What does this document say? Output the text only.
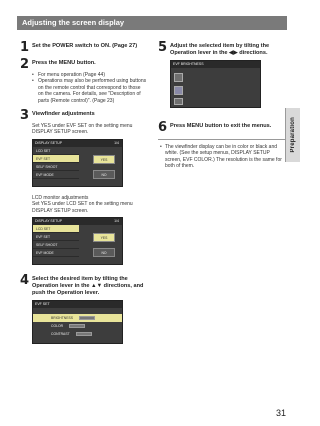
Adjusting the screen display
Preparation
1 Set the POWER switch to ON. (Page 27)
2 Press the MENU button.
• For menu operation (Page 44)
• Operations may also be performed using buttons on the remote control that correspond to those on the camera. For details, see "Description of parts (Remote control)". (Page 23)
3 Viewfinder adjustments
Set YES under EVF SET on the setting menu DISPLAY SETUP screen.
DISPLAY SETUP	1/4
LCD SET
EVF SET
SELF SHOOT
EVF MODE
YES
NO
LCD monitor adjustments
Set YES under LCD SET on the setting menu DISPLAY SETUP screen.
DISPLAY SETUP	1/4
LCD SET
EVF SET
SELF SHOOT
EVF MODE
YES
NO
4 Select the desired item by tilting the Operation lever in the ▲▼ directions, and push the Operation lever.
EVF SET
BRIGHTNESS
COLOR
CONTRAST
5 Adjust the selected item by tilting the Operation lever in the ◀▶ directions.
EVF BRIGHTNESS
6 Press MENU button to exit the menus.
• The viewfinder display can be in color or black and white. (See the setup menus, DISPLAY SETUP screen, EVF COLOR.) The resolution is the same for both of them.
31
